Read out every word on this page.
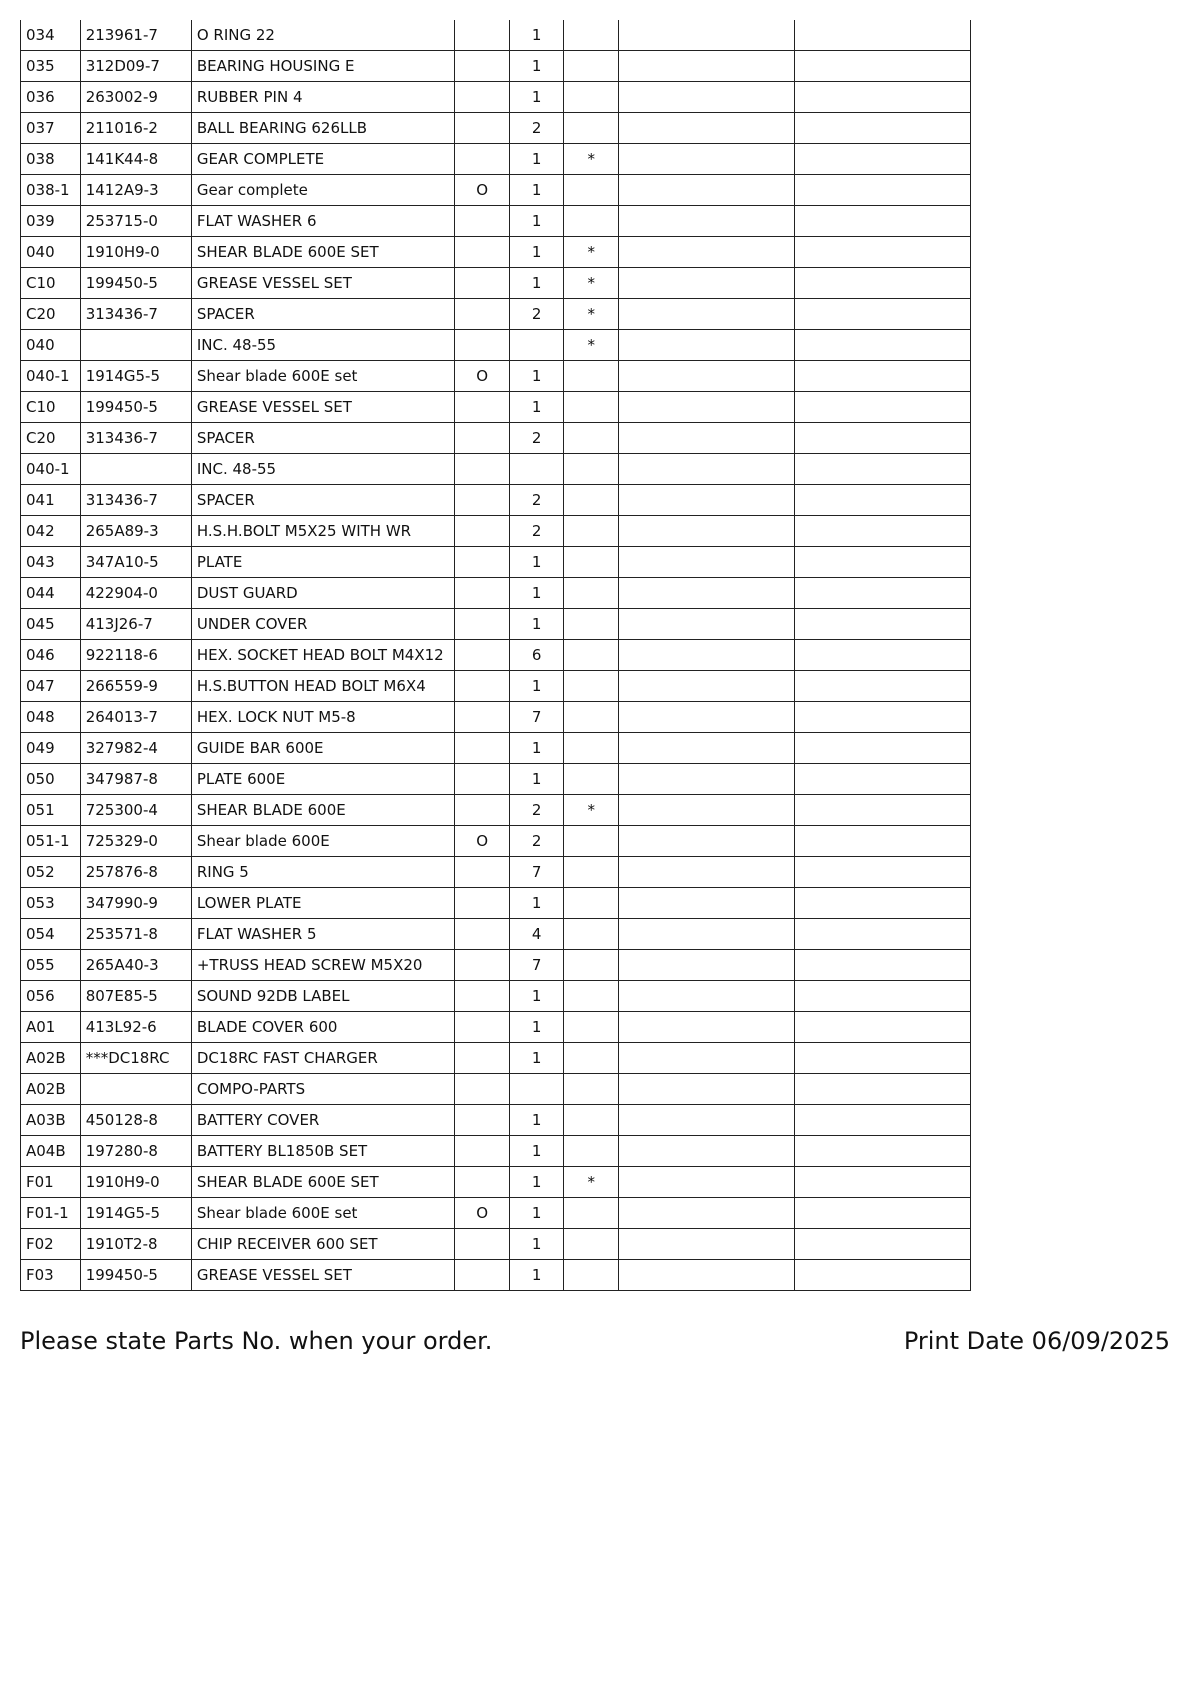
034	213961-7	O RING 22		1			
035	312D09-7	BEARING HOUSING E		1			
036	263002-9	RUBBER PIN 4		1			
037	211016-2	BALL BEARING 626LLB		2			
038	141K44-8	GEAR COMPLETE		1	*		
038-1	1412A9-3	Gear complete	O	1			
039	253715-0	FLAT WASHER 6		1			
040	1910H9-0	SHEAR BLADE 600E SET		1	*		
C10	199450-5	GREASE VESSEL SET		1	*		
C20	313436-7	SPACER		2	*		
040		INC. 48-55			*		
040-1	1914G5-5	Shear blade 600E set	O	1			
C10	199450-5	GREASE VESSEL SET		1			
C20	313436-7	SPACER		2			
040-1		INC. 48-55					
041	313436-7	SPACER		2			
042	265A89-3	H.S.H.BOLT M5X25 WITH WR		2			
043	347A10-5	PLATE		1			
044	422904-0	DUST GUARD		1			
045	413J26-7	UNDER COVER		1			
046	922118-6	HEX. SOCKET HEAD BOLT M4X12		6			
047	266559-9	H.S.BUTTON HEAD BOLT M6X4		1			
048	264013-7	HEX. LOCK NUT M5-8		7			
049	327982-4	GUIDE BAR 600E		1			
050	347987-8	PLATE 600E		1			
051	725300-4	SHEAR BLADE 600E		2	*		
051-1	725329-0	Shear blade 600E	O	2			
052	257876-8	RING 5		7			
053	347990-9	LOWER PLATE		1			
054	253571-8	FLAT WASHER 5		4			
055	265A40-3	+TRUSS HEAD SCREW M5X20		7			
056	807E85-5	SOUND 92DB LABEL		1			
A01	413L92-6	BLADE COVER 600		1			
A02B	***DC18RC	DC18RC FAST CHARGER		1			
A02B		COMPO-PARTS					
A03B	450128-8	BATTERY COVER		1			
A04B	197280-8	BATTERY BL1850B SET		1			
F01	1910H9-0	SHEAR BLADE 600E SET		1	*		
F01-1	1914G5-5	Shear blade 600E set	O	1			
F02	1910T2-8	CHIP RECEIVER 600 SET		1			
F03	199450-5	GREASE VESSEL SET		1			
Please state Parts No. when your order.	Print Date 06/09/2025
